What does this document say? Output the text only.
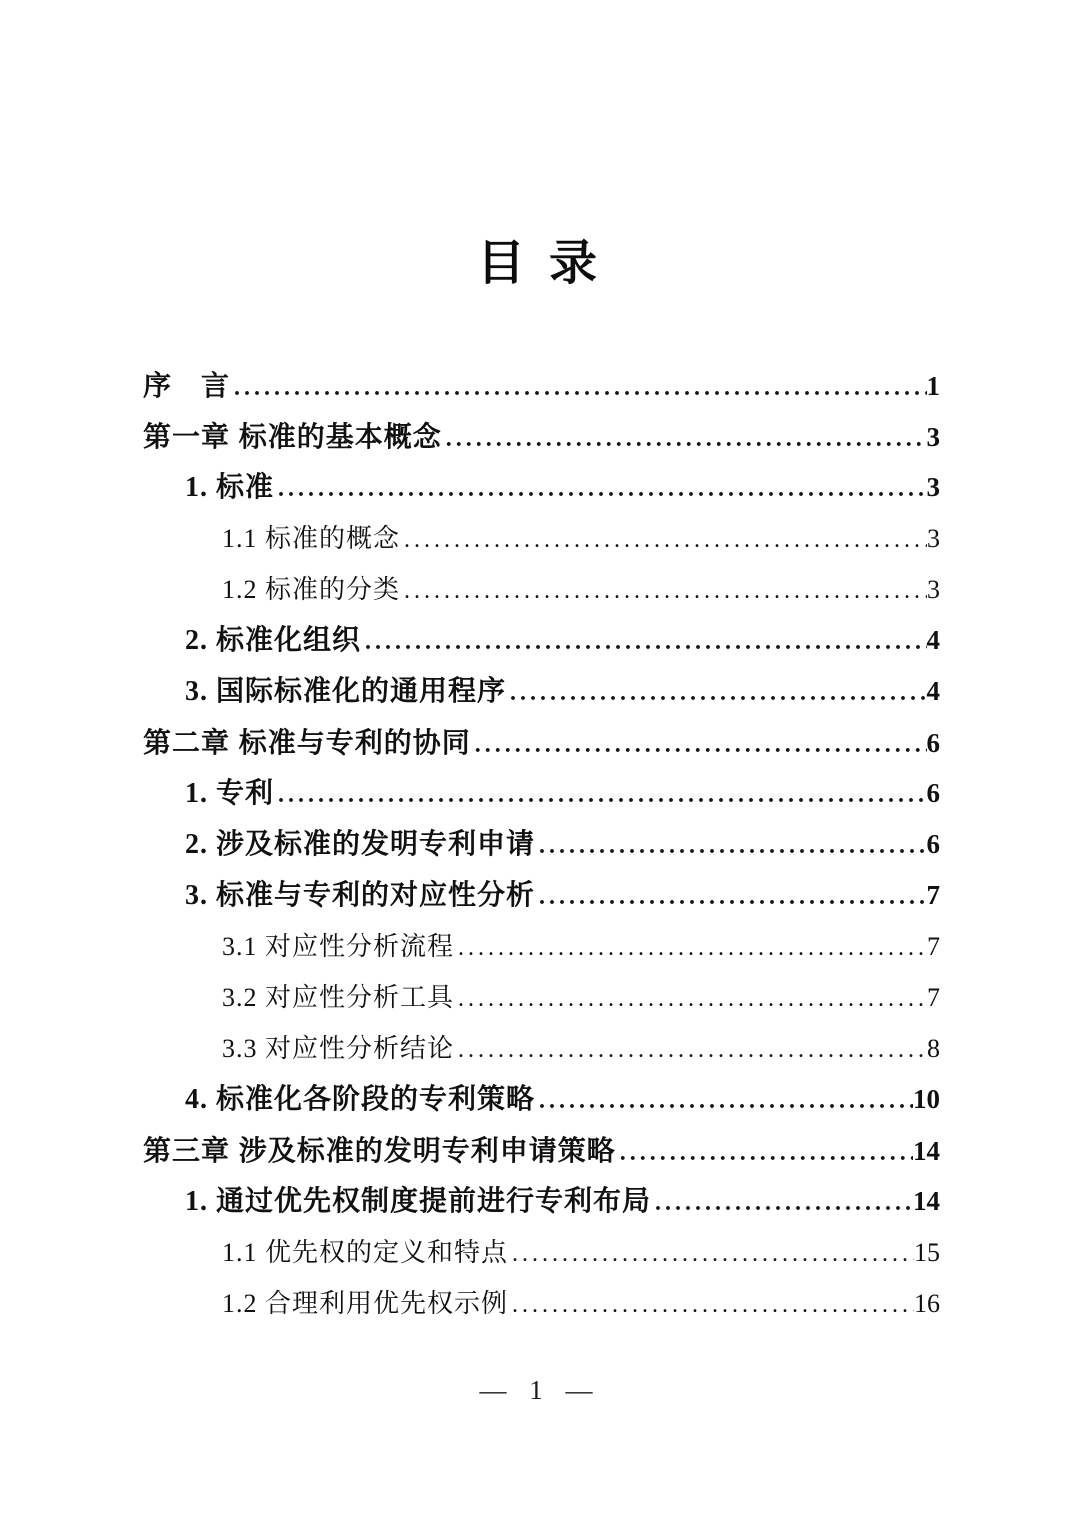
目 录
序　言 .....	1
第一章 标准的基本概念 .....	3
1. 标准 .....	3
1.1 标准的概念 .....	3
1.2 标准的分类 .....	3
2. 标准化组织 .....	4
3. 国际标准化的通用程序 .....	4
第二章 标准与专利的协同 .....	6
1. 专利 .....	6
2. 涉及标准的发明专利申请 .....	6
3. 标准与专利的对应性分析 .....	7
3.1 对应性分析流程 .....	7
3.2 对应性分析工具 .....	7
3.3 对应性分析结论 .....	8
4. 标准化各阶段的专利策略 .....	10
第三章 涉及标准的发明专利申请策略 .....	14
1. 通过优先权制度提前进行专利布局 .....	14
1.1 优先权的定义和特点 .....	15
1.2 合理利用优先权示例 .....	16
— 1 —
